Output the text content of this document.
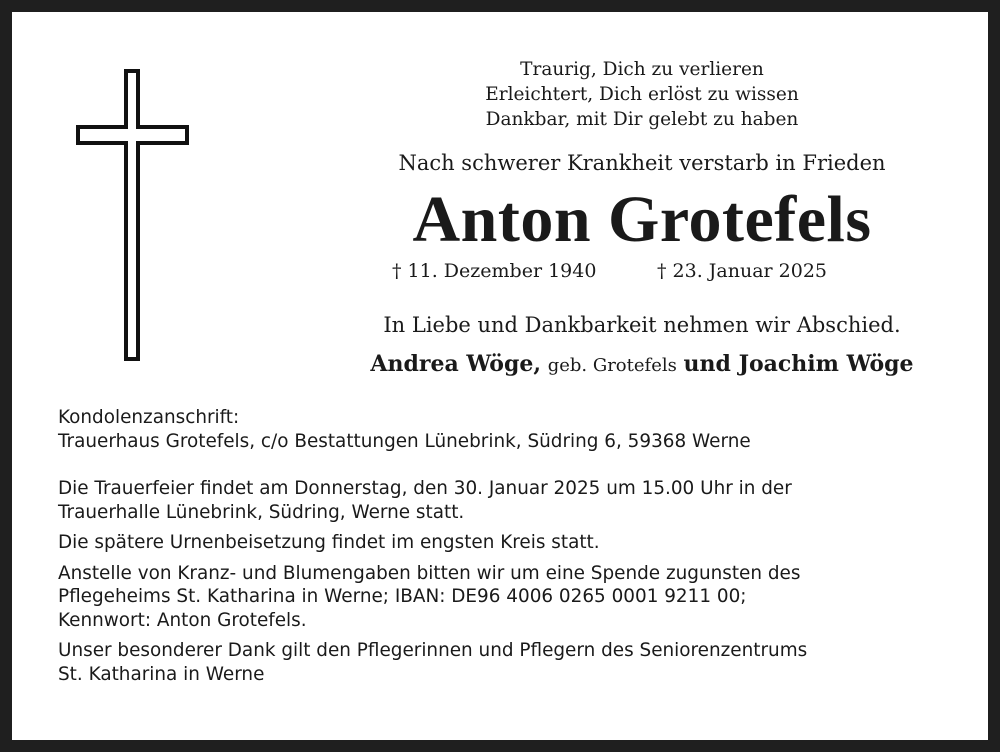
Traurig, Dich zu verlieren
Erleichtert, Dich erlöst zu wissen
Dankbar, mit Dir gelebt zu haben
Nach schwerer Krankheit verstarb in Frieden
Anton Grotefels
† 11. Dezember 1940	† 23. Januar 2025
In Liebe und Dankbarkeit nehmen wir Abschied.
Andrea Wöge, geb. Grotefels und Joachim Wöge
Kondolenzanschrift:
Trauerhaus Grotefels, c/o Bestattungen Lünebrink, Südring 6, 59368 Werne

Die Trauerfeier findet am Donnerstag, den 30. Januar 2025 um 15.00 Uhr in der
Trauerhalle Lünebrink, Südring, Werne statt.

Die spätere Urnenbeisetzung findet im engsten Kreis statt.

Anstelle von Kranz- und Blumengaben bitten wir um eine Spende zugunsten des
Pflegeheims St. Katharina in Werne; IBAN: DE96 4006 0265 0001 9211 00;
Kennwort: Anton Grotefels.

Unser besonderer Dank gilt den Pflegerinnen und Pflegern des Seniorenzentrums
St. Katharina in Werne
